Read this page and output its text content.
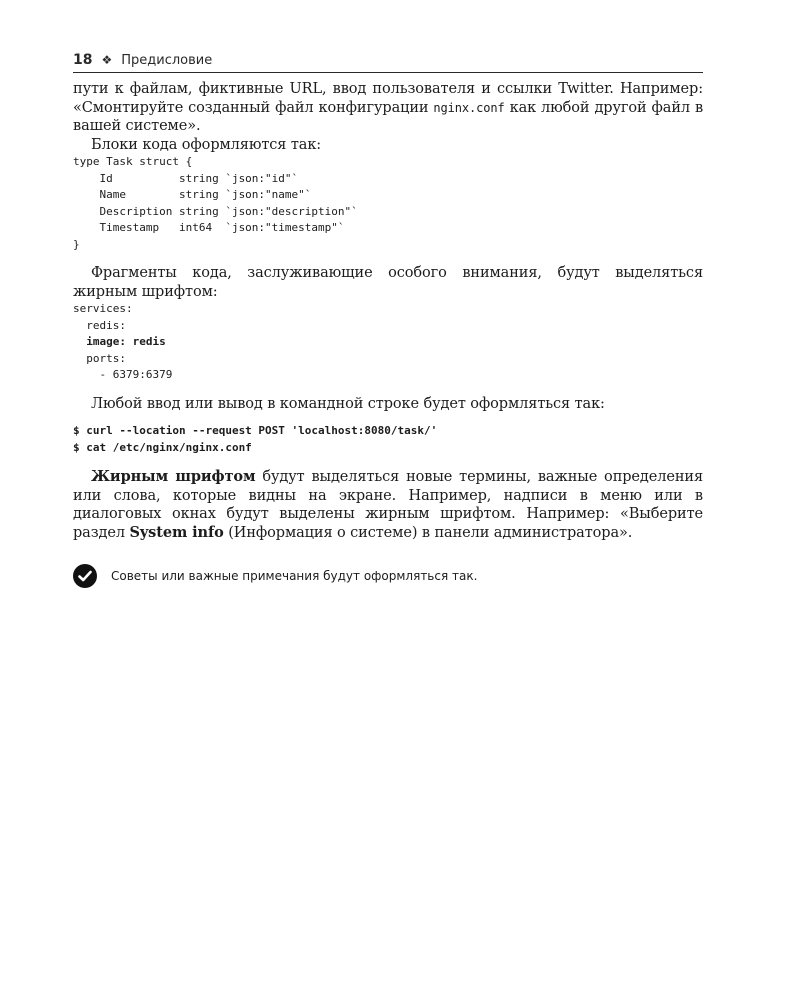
18 ❖ Предисловие

пути к файлам, фиктивные URL, ввод пользователя и ссылки Twitter. Например: «Смонтируйте созданный файл конфигурации nginx.conf как любой другой файл в вашей системе».

Блоки кода оформляются так:

type Task struct {
Id          string `json:"id"`
Name        string `json:"name"`
Description string `json:"description"`
Timestamp   int64  `json:"timestamp"`
}

Фрагменты кода, заслуживающие особого внимания, будут выделяться жирным шрифтом:

services:
redis:
image: redis
ports:
- 6379:6379

Любой ввод или вывод в командной строке будет оформляться так:

$ curl --location --request POST 'localhost:8080/task/'
$ cat /etc/nginx/nginx.conf

Жирным шрифтом будут выделяться новые термины, важные определения или слова, которые видны на экране. Например, надписи в меню или в диалоговых окнах будут выделены жирным шрифтом. Например: «Выберите раздел System info (Информация о системе) в панели администратора».

Советы или важные примечания будут оформляться так.
